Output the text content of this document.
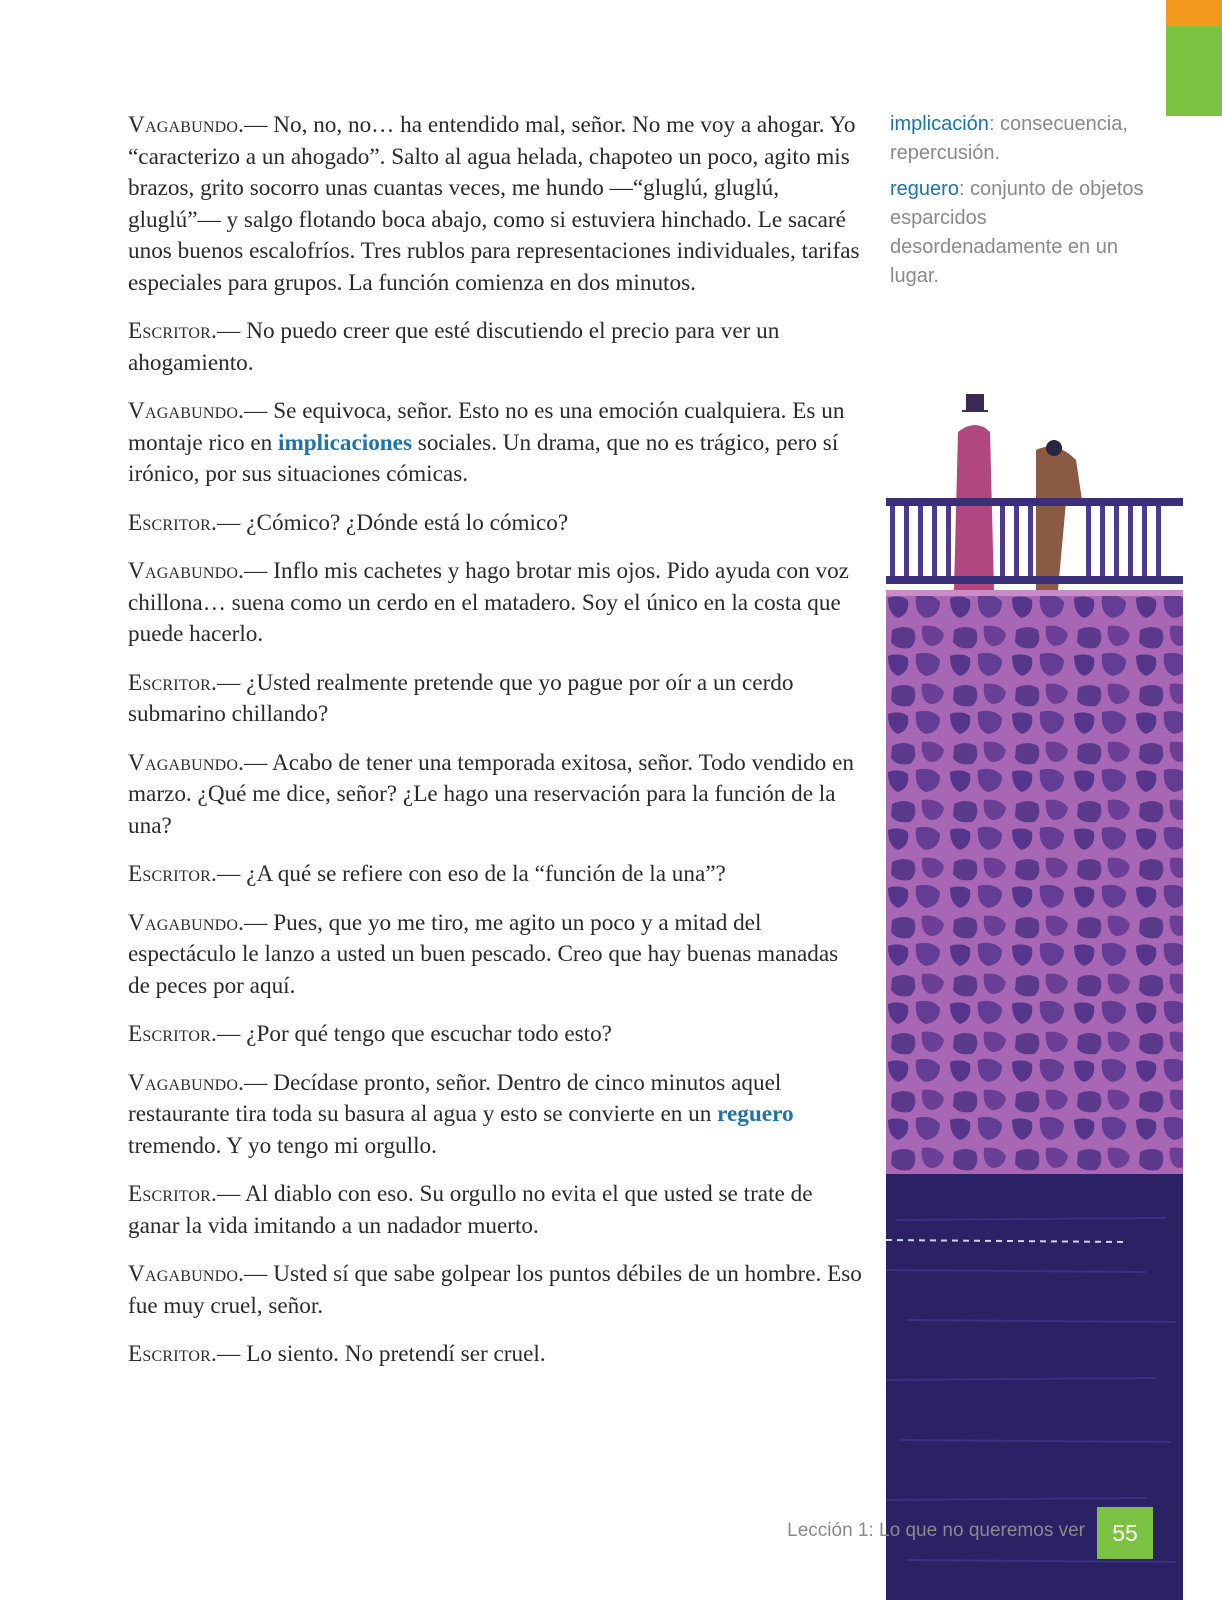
Vagabundo.— No, no, no… ha entendido mal, señor. No me voy a ahogar. Yo “caracterizo a un ahogado”. Salto al agua helada, chapoteo un poco, agito mis brazos, grito socorro unas cuantas veces, me hundo —“gluglú, gluglú, gluglú”— y salgo flotando boca abajo, como si estuviera hinchado. Le sacaré unos buenos escalofríos. Tres rublos para representaciones individuales, tarifas especiales para grupos. La función comienza en dos minutos.

Escritor.— No puedo creer que esté discutiendo el precio para ver un ahogamiento.

Vagabundo.— Se equivoca, señor. Esto no es una emoción cualquiera. Es un montaje rico en implicaciones sociales. Un drama, que no es trágico, pero sí irónico, por sus situaciones cómicas.

Escritor.— ¿Cómico? ¿Dónde está lo cómico?

Vagabundo.— Inflo mis cachetes y hago brotar mis ojos. Pido ayuda con voz chillona… suena como un cerdo en el matadero. Soy el único en la costa que puede hacerlo.

Escritor.— ¿Usted realmente pretende que yo pague por oír a un cerdo submarino chillando?

Vagabundo.— Acabo de tener una temporada exitosa, señor. Todo vendido en marzo. ¿Qué me dice, señor? ¿Le hago una reservación para la función de la una?

Escritor.— ¿A qué se refiere con eso de la “función de la una”?

Vagabundo.— Pues, que yo me tiro, me agito un poco y a mitad del espectáculo le lanzo a usted un buen pescado. Creo que hay buenas manadas de peces por aquí.

Escritor.— ¿Por qué tengo que escuchar todo esto?

Vagabundo.— Decídase pronto, señor. Dentro de cinco minutos aquel restaurante tira toda su basura al agua y esto se convierte en un reguero tremendo. Y yo tengo mi orgullo.

Escritor.— Al diablo con eso. Su orgullo no evita el que usted se trate de ganar la vida imitando a un nadador muerto.

Vagabundo.— Usted sí que sabe golpear los puntos débiles de un hombre. Eso fue muy cruel, señor.

Escritor.— Lo siento. No pretendí ser cruel.

implicación: consecuencia, repercusión.
reguero: conjunto de objetos esparcidos desordenadamente en un lugar.
Lección 1: Lo que no queremos ver	55
